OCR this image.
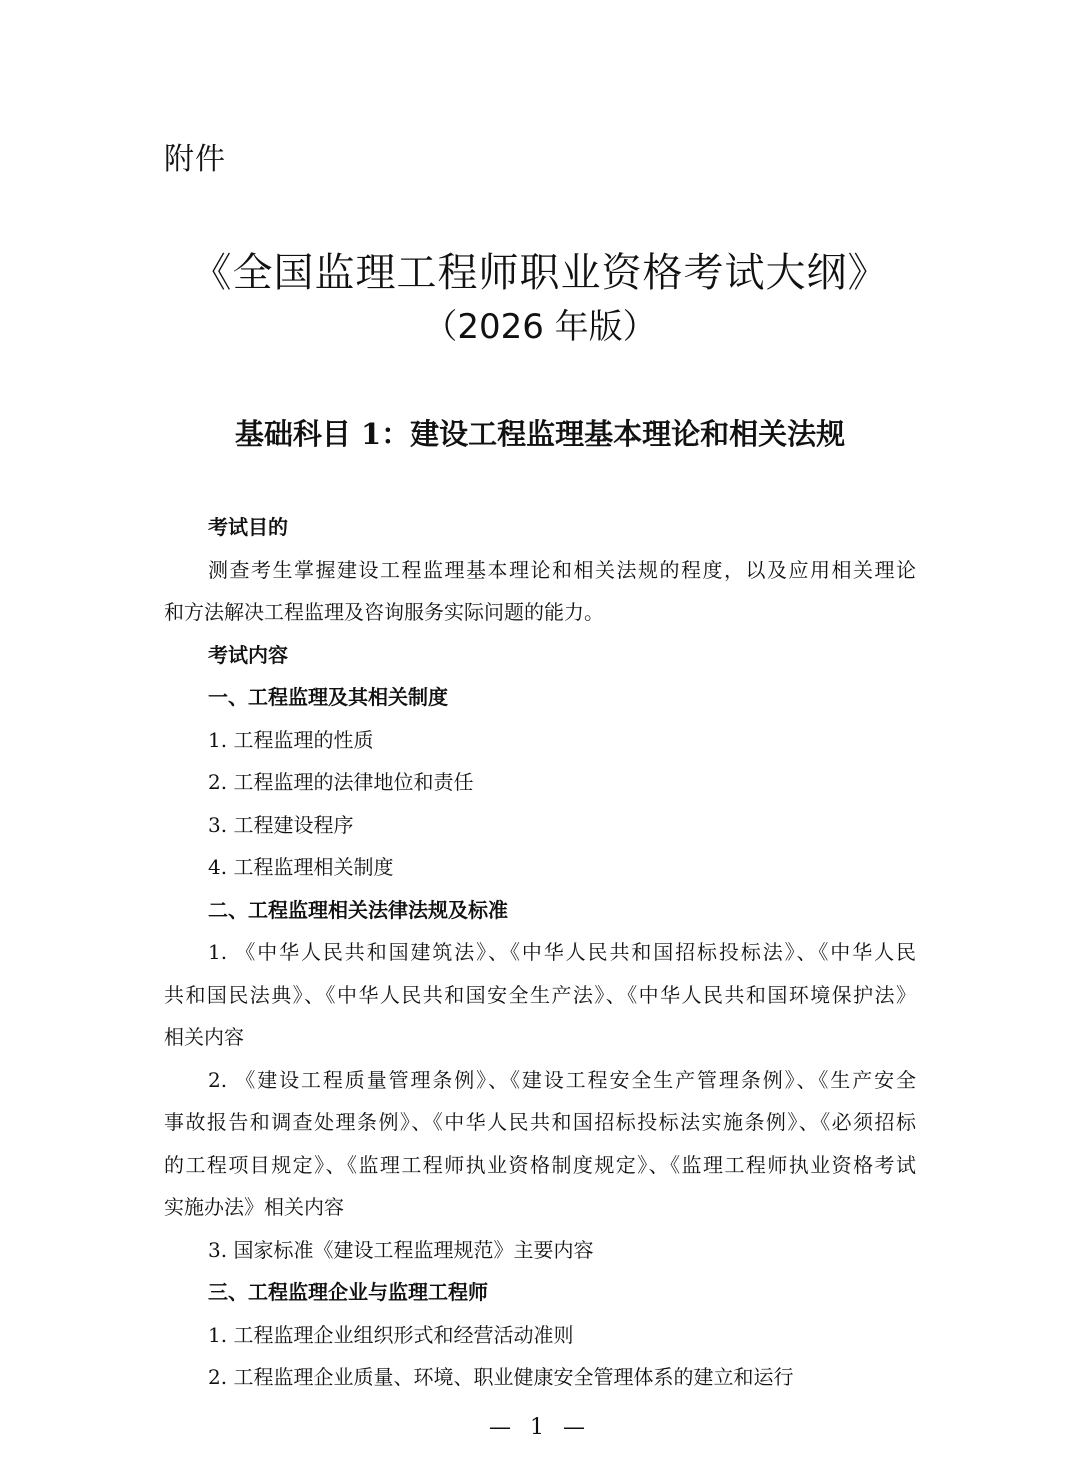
附件
《全国监理工程师职业资格考试大纲》
（2026 年版）
基础科目 1：建设工程监理基本理论和相关法规
考试目的
测查考生掌握建设工程监理基本理论和相关法规的程度，以及应用相关理论
和方法解决工程监理及咨询服务实际问题的能力。
考试内容
一、工程监理及其相关制度
1. 工程监理的性质
2. 工程监理的法律地位和责任
3. 工程建设程序
4. 工程监理相关制度
二、工程监理相关法律法规及标准
1. 《中华人民共和国建筑法》、《中华人民共和国招标投标法》、《中华人民
共和国民法典》、《中华人民共和国安全生产法》、《中华人民共和国环境保护法》
相关内容
2. 《建设工程质量管理条例》、《建设工程安全生产管理条例》、《生产安全
事故报告和调查处理条例》、《中华人民共和国招标投标法实施条例》、《必须招标
的工程项目规定》、《监理工程师执业资格制度规定》、《监理工程师执业资格考试
实施办法》相关内容
3. 国家标准《建设工程监理规范》主要内容
三、工程监理企业与监理工程师
1. 工程监理企业组织形式和经营活动准则
2. 工程监理企业质量、环境、职业健康安全管理体系的建立和运行
— 1 —
